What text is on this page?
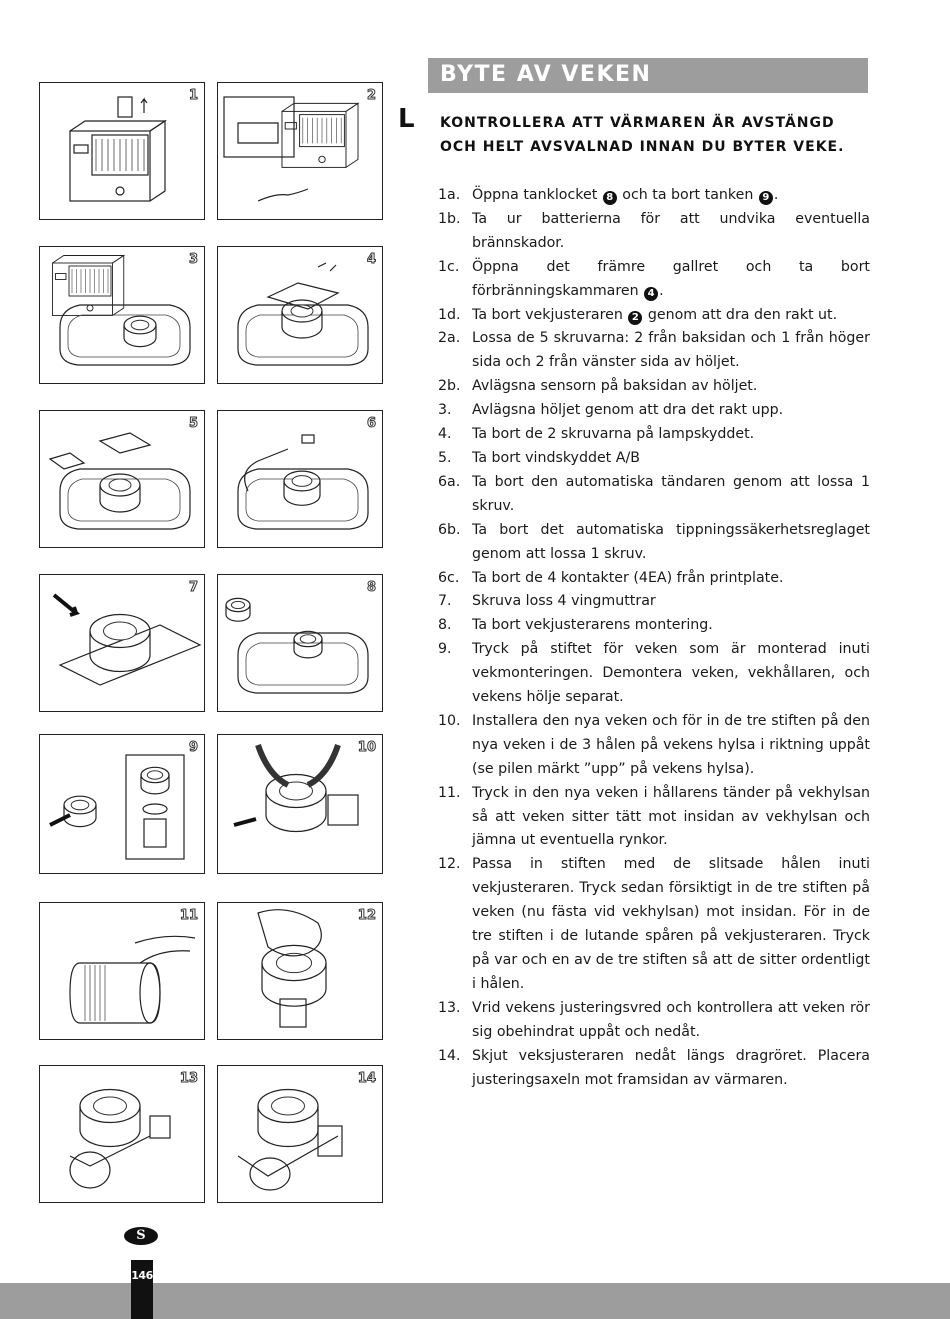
1	2
3	4
5	6
7	8
9	10
11	12
13	14
BYTE AV VEKEN
L KONTROLLERA ATT VÄRMAREN ÄR AVSTÄNGD OCH HELT AVSVALNAD INNAN DU BYTER VEKE.
1a. Öppna tanklocket 8 och ta bort tanken 9 .
1b. Ta ur batterierna för att undvika eventuella brännskador.
1c. Öppna det främre gallret och ta bort förbränningskammaren 4 .
1d. Ta bort vekjusteraren 2 genom att dra den rakt ut.
2a. Lossa de 5 skruvarna: 2 från baksidan och 1 från höger sida och 2 från vänster sida av höljet.
2b. Avlägsna sensorn på baksidan av höljet.
3.	Avlägsna höljet genom att dra det rakt upp.
4.	Ta bort de 2 skruvarna på lampskyddet.
5.	Ta bort vindskyddet A/B
6a. Ta bort den automatiska tändaren genom att lossa 1 skruv.
6b. Ta bort det automatiska tippningssäkerhetsreglaget genom att lossa 1 skruv.
6c. Ta bort de 4 kontakter (4EA) från printplate.
7.	Skruva loss 4 vingmuttrar
8.	Ta bort vekjusterarens montering.
9.	Tryck på stiftet för veken som är monterad inuti vekmonteringen. Demontera veken, vekhållaren, och vekens hölje separat.
10. Installera den nya veken och för in de tre stiften på den nya veken i de 3 hålen på vekens hylsa i riktning uppåt (se pilen märkt ”upp” på vekens hylsa).
11. Tryck in den nya veken i hållarens tänder på vekhylsan så att veken sitter tätt mot insidan av vekhylsan och jämna ut eventuella rynkor.
12. Passa in stiften med de slitsade hålen inuti vekjusteraren. Tryck sedan försiktigt in de tre stiften på veken (nu fästa vid vekhylsan) mot insidan. För in de tre stiften i de lutande spåren på vekjusteraren. Tryck på var och en av de tre stiften så att de sitter ordentligt i hålen.
13. Vrid vekens justeringsvred och kontrollera att veken rör sig obehindrat uppåt och nedåt.
14. Skjut veksjusteraren nedåt längs dragröret. Placera justeringsaxeln mot framsidan av värmaren.
S
146
